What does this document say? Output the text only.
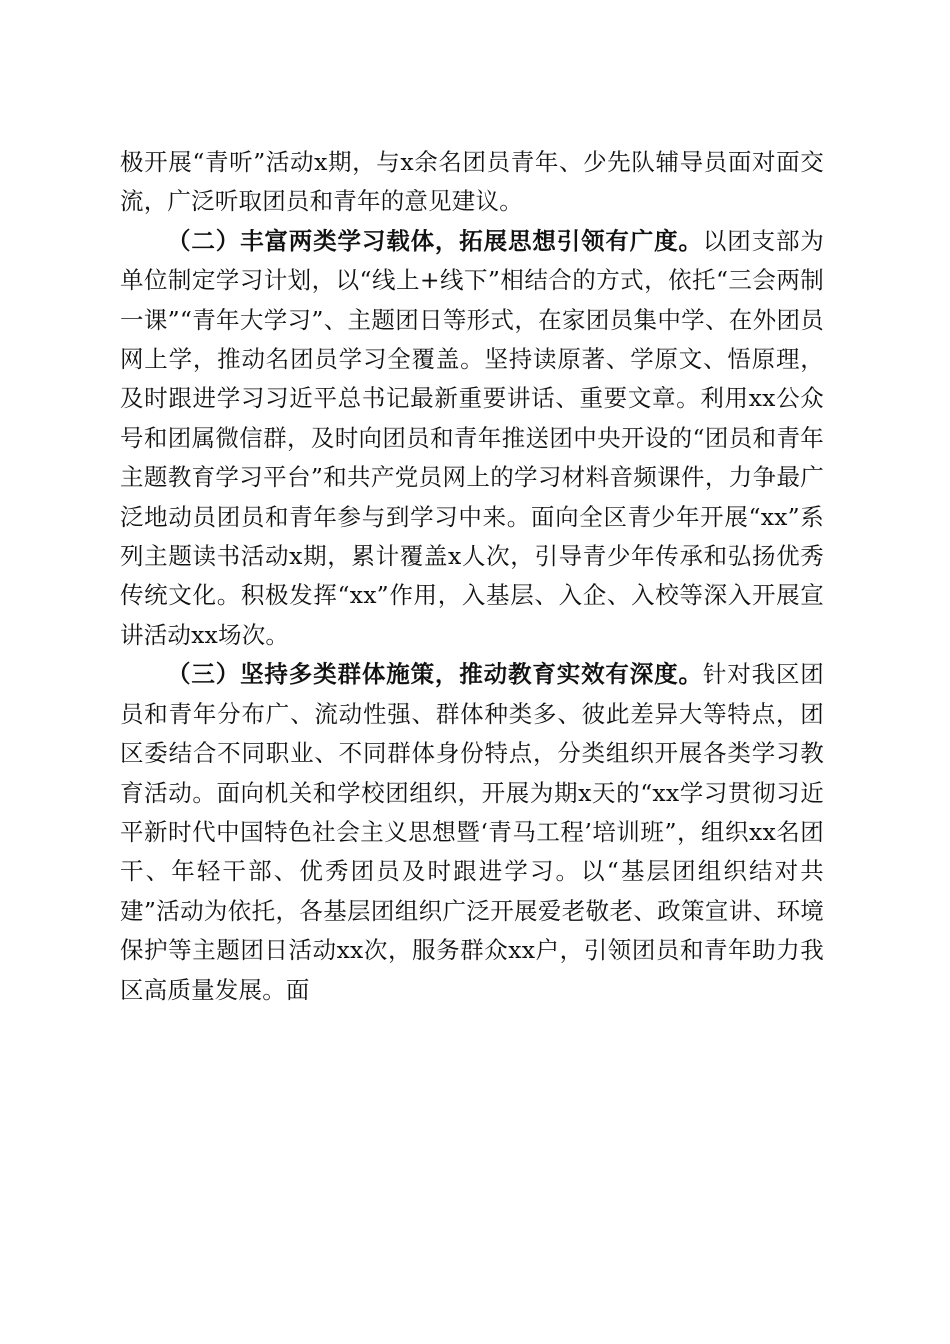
极开展“青听”活动x期，与x余名团员青年、少先队辅导员面对面交流，广泛听取团员和青年的意见建议。

（二）丰富两类学习载体，拓展思想引领有广度。以团支部为单位制定学习计划，以“线上+线下”相结合的方式，依托“三会两制一课”“青年大学习”、主题团日等形式，在家团员集中学、在外团员网上学，推动名团员学习全覆盖。坚持读原著、学原文、悟原理，及时跟进学习习近平总书记最新重要讲话、重要文章。利用xx公众号和团属微信群，及时向团员和青年推送团中央开设的“团员和青年主题教育学习平台”和共产党员网上的学习材料音频课件，力争最广泛地动员团员和青年参与到学习中来。面向全区青少年开展“xx”系列主题读书活动x期，累计覆盖x人次，引导青少年传承和弘扬优秀传统文化。积极发挥“xx”作用，入基层、入企、入校等深入开展宣讲活动xx场次。

（三）坚持多类群体施策，推动教育实效有深度。针对我区团员和青年分布广、流动性强、群体种类多、彼此差异大等特点，团区委结合不同职业、不同群体身份特点，分类组织开展各类学习教育活动。面向机关和学校团组织，开展为期x天的“xx学习贯彻习近平新时代中国特色社会主义思想暨‘青马工程’培训班”，组织xx名团干、年轻干部、优秀团员及时跟进学习。以“基层团组织结对共建”活动为依托，各基层团组织广泛开展爱老敬老、政策宣讲、环境保护等主题团日活动xx次，服务群众xx户，引领团员和青年助力我区高质量发展。面
